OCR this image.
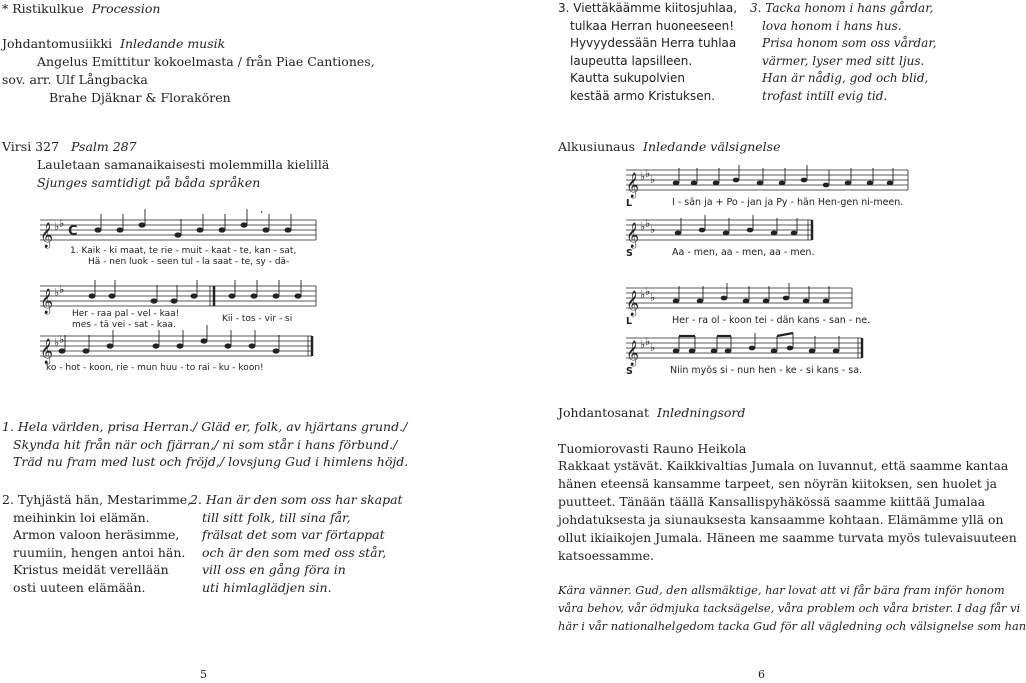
* Ristikulkue Procession
Johdantomusiikki Inledande musik
Angelus Emittitur kokoelmasta / från Piae Cantiones,
sov. arr. Ulf Långbacka
Brahe Djäknar & Florakören
Virsi 327 Psalm 287
Lauletaan samanaikaisesti molemmilla kielillä
Sjunges samtidigt på båda språken
𝄞
𝄞
𝄞
♭ ♭
♭ ♭
♭ ♭
C
’
1. Kaik - ki maat, te rie - muit - kaat - te, kan - sat,
Hä - nen luok - seen tul - la saat - te, sy - dä-
Her - raa pal - vel - kaa!
mes - tä vei - sat - kaa.
Kii - tos - vir - si
ko - hot - koon, rie - mun huu - to rai - ku - koon!
1. Hela världen, prisa Herran./ Gläd er, folk, av hjärtans grund./
Skynda hit från när och fjärran,/ ni som står i hans förbund./
Träd nu fram med lust och fröjd,/ lovsjung Gud i himlens höjd.
2. Tyhjästä hän, Mestarimme,
meihinkin loi elämän.
Armon valoon heräsimme,
ruumiin, hengen antoi hän.
Kristus meidät verellään
osti uuteen elämään.
2. Han är den som oss har skapat
till sitt folk, till sina får,
frälsat det som var förtappat
och är den som med oss står,
vill oss en gång föra in
uti himlaglädjen sin.
5
3. Viettäkäämme kiitosjuhlaa,
tulkaa Herran huoneeseen!
Hyvyydessään Herra tuhlaa
laupeutta lapsilleen.
Kautta sukupolvien
kestää armo Kristuksen.
3. Tacka honom i hans gårdar,
lova honom i hans hus.
Prisa honom som oss vårdar,
värmer, lyser med sitt ljus.
Han är nådig, god och blid,
trofast intill evig tid.
Alkusiunaus Inledande välsignelse
𝄞
𝄞
𝄞
𝄞
♭ ♭ ♭
♭ ♭ ♭
♭ ♭ ♭
♭ ♭ ♭
L	I - sän ja + Po - jan ja Py - hän Hen-gen ni-meen.
S	Aa - men, aa - men, aa - men.
L	Her - ra ol - koon tei - dän kans - san - ne.
S	Niin myös si - nun hen - ke - si kans - sa.
Johdantosanat Inledningsord
Tuomiorovasti Rauno Heikola
Rakkaat ystävät. Kaikkivaltias Jumala on luvannut, että saamme kantaa
hänen eteensä kansamme tarpeet, sen nöyrän kiitoksen, sen huolet ja
puutteet. Tänään täällä Kansallispyhäkössä saamme kiittää Jumalaa
johdatuksesta ja siunauksesta kansaamme kohtaan. Elämämme yllä on
ollut ikiaikojen Jumala. Häneen me saamme turvata myös tulevaisuuteen
katsoessamme.
Kära vänner. Gud, den allsmäktige, har lovat att vi får bära fram inför honom
våra behov, vår ödmjuka tacksägelse, våra problem och våra brister. I dag får vi
här i vår nationalhelgedom tacka Gud för all vägledning och välsignelse som han
6
